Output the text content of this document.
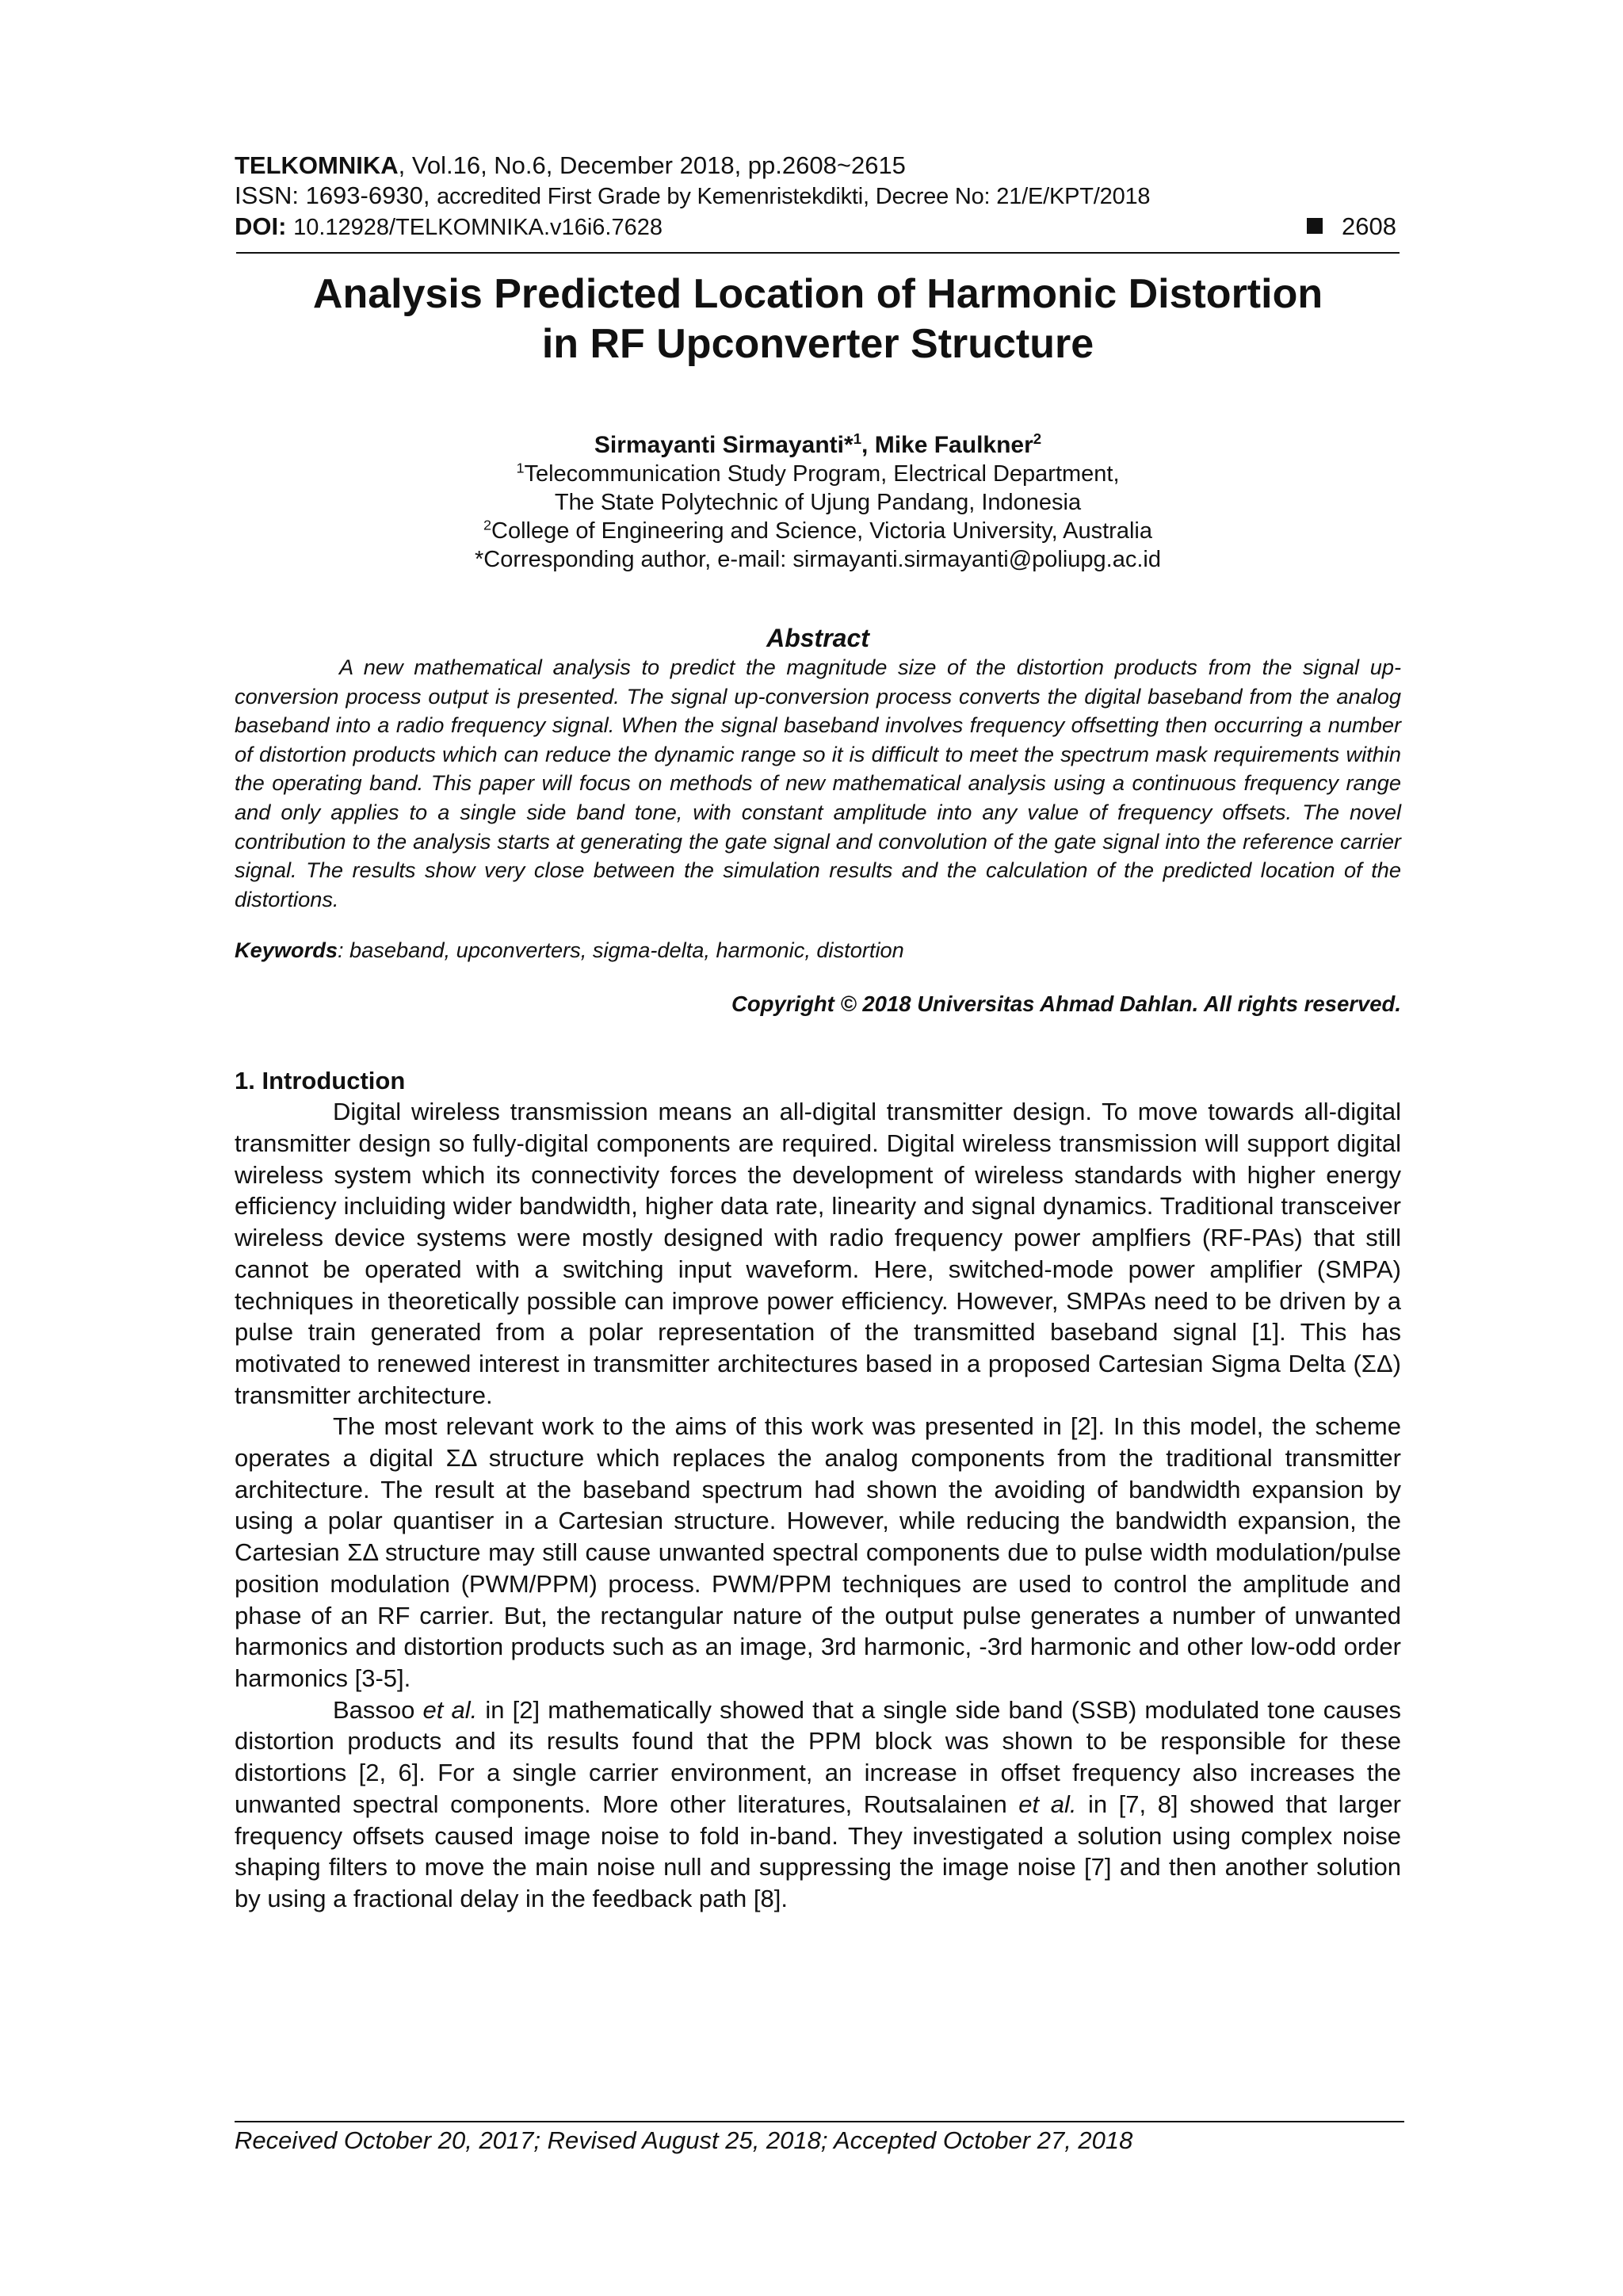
TELKOMNIKA, Vol.16, No.6, December 2018, pp.2608~2615
ISSN: 1693-6930, accredited First Grade by Kemenristekdikti, Decree No: 21/E/KPT/2018
DOI: 10.12928/TELKOMNIKA.v16i6.7628	2608
Analysis Predicted Location of Harmonic Distortion
in RF Upconverter Structure
Sirmayanti Sirmayanti*$^1$, Mike Faulkner$^2$
$^1$Telecommunication Study Program, Electrical Department,
The State Polytechnic of Ujung Pandang, Indonesia
$^2$College of Engineering and Science, Victoria University, Australia
*Corresponding author, e-mail: sirmayanti.sirmayanti@poliupg.ac.id
Abstract

A new mathematical analysis to predict the magnitude size of the distortion products from the signal up-conversion process output is presented. The signal up-conversion process converts the digital baseband from the analog baseband into a radio frequency signal. When the signal baseband involves frequency offsetting then occurring a number of distortion products which can reduce the dynamic range so it is difficult to meet the spectrum mask requirements within the operating band. This paper will focus on methods of new mathematical analysis using a continuous frequency range and only applies to a single side band tone, with constant amplitude into any value of frequency offsets. The novel contribution to the analysis starts at generating the gate signal and convolution of the gate signal into the reference carrier signal. The results show very close between the simulation results and the calculation of the predicted location of the distortions.

Keywords: baseband, upconverters, sigma-delta, harmonic, distortion
Copyright © 2018 Universitas Ahmad Dahlan. All rights reserved.
1. Introduction

Digital wireless transmission means an all-digital transmitter design. To move towards all-digital transmitter design so fully-digital components are required. Digital wireless transmission will support digital wireless system which its connectivity forces the development of wireless standards with higher energy efficiency incluiding wider bandwidth, higher data rate, linearity and signal dynamics. Traditional transceiver wireless device systems were mostly designed with radio frequency power amplfiers (RF-PAs) that still cannot be operated with a switching input waveform. Here, switched-mode power amplifier (SMPA) techniques in theoretically possible can improve power efficiency. However, SMPAs need to be driven by a pulse train generated from a polar representation of the transmitted baseband signal [1]. This has motivated to renewed interest in transmitter architectures based in a proposed Cartesian Sigma Delta (ΣΔ) transmitter architecture.

The most relevant work to the aims of this work was presented in [2]. In this model, the scheme operates a digital ΣΔ structure which replaces the analog components from the traditional transmitter architecture. The result at the baseband spectrum had shown the avoiding of bandwidth expansion by using a polar quantiser in a Cartesian structure. However, while reducing the bandwidth expansion, the Cartesian ΣΔ structure may still cause unwanted spectral components due to pulse width modulation/pulse position modulation (PWM/PPM) process. PWM/PPM techniques are used to control the amplitude and phase of an RF carrier. But, the rectangular nature of the output pulse generates a number of unwanted harmonics and distortion products such as an image, 3rd harmonic, -3rd harmonic and other low-odd order harmonics [3-5].

Bassoo et al. in [2] mathematically showed that a single side band (SSB) modulated tone causes distortion products and its results found that the PPM block was shown to be responsible for these distortions [2, 6]. For a single carrier environment, an increase in offset frequency also increases the unwanted spectral components. More other literatures, Routsalainen et al. in [7, 8] showed that larger frequency offsets caused image noise to fold in-band. They investigated a solution using complex noise shaping filters to move the main noise null and suppressing the image noise [7] and then another solution by using a fractional delay in the feedback path [8].

Received October 20, 2017; Revised August 25, 2018; Accepted October 27, 2018
